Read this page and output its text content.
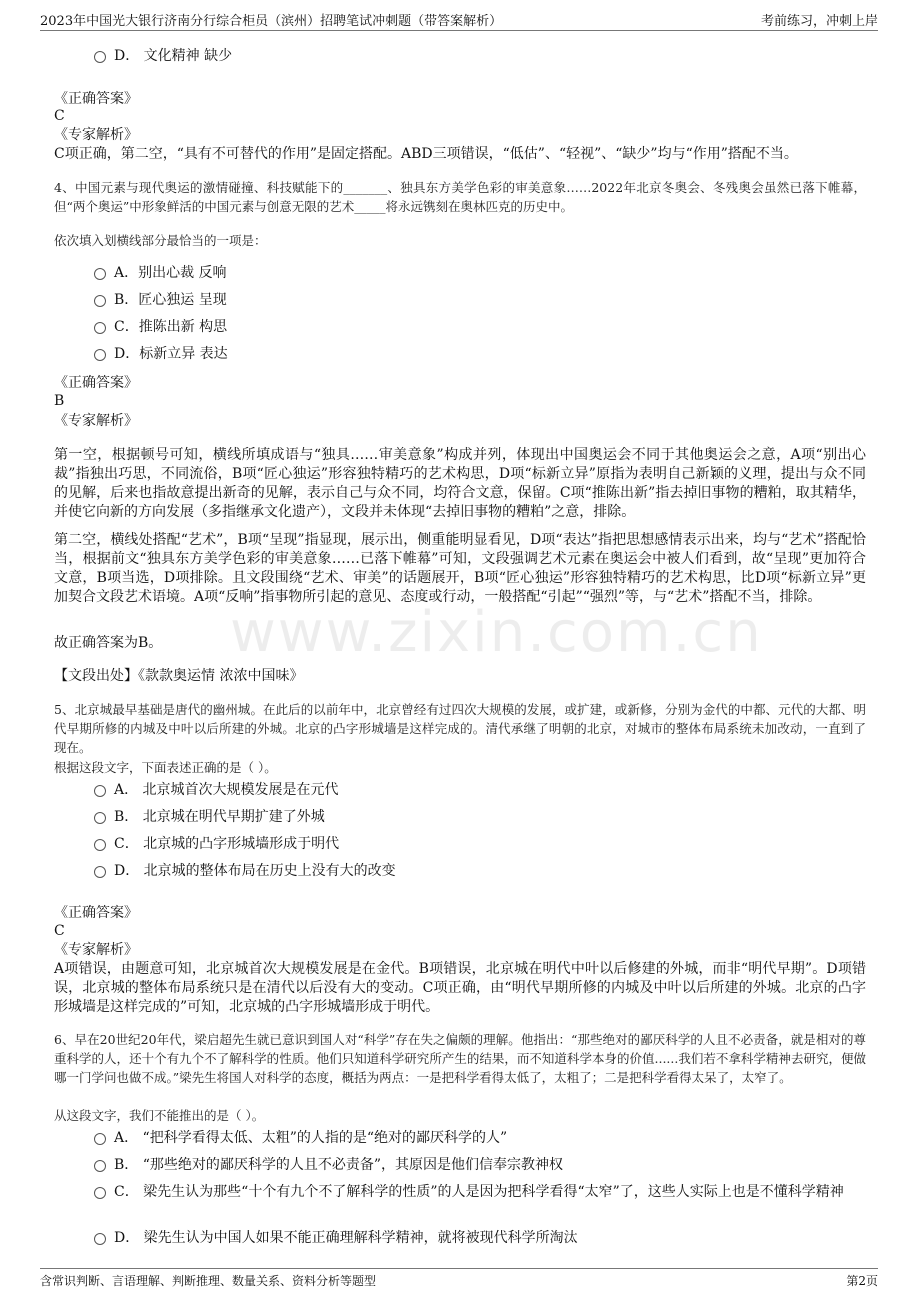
2023年中国光大银行济南分行综合柜员（滨州）招聘笔试冲刺题（带答案解析）	考前练习，冲刺上岸
www.zixin.com.cn
D． 文化精神 缺少
《正确答案》
C
《专家解析》
C项正确，第二空，“具有不可替代的作用”是固定搭配。ABD三项错误，“低估”、“轻视”、“缺少”均与“作用”搭配不当。
4、中国元素与现代奥运的激情碰撞、科技赋能下的_______、独具东方美学色彩的审美意象……2022年北京冬奥会、冬残奥会虽然已落下帷幕，但“两个奥运”中形象鲜活的中国元素与创意无限的艺术_____将永远镌刻在奥林匹克的历史中。
依次填入划横线部分最恰当的一项是：
A．别出心裁 反响
B．匠心独运 呈现
C．推陈出新 构思
D．标新立异 表达
《正确答案》
B
《专家解析》
第一空，根据顿号可知，横线所填成语与“独具……审美意象”构成并列，体现出中国奥运会不同于其他奥运会之意，A项“别出心裁”指独出巧思，不同流俗，B项“匠心独运”形容独特精巧的艺术构思，D项“标新立异”原指为表明自己新颖的义理，提出与众不同的见解，后来也指故意提出新奇的见解，表示自己与众不同，均符合文意，保留。C项“推陈出新”指去掉旧事物的糟粕，取其精华，并使它向新的方向发展（多指继承文化遗产），文段并未体现“去掉旧事物的糟粕”之意，排除。
第二空，横线处搭配“艺术”，B项“呈现”指显现，展示出，侧重能明显看见，D项“表达”指把思想感情表示出来，均与“艺术”搭配恰当，根据前文“独具东方美学色彩的审美意象……已落下帷幕”可知，文段强调艺术元素在奥运会中被人们看到，故“呈现”更加符合文意，B项当选，D项排除。且文段围绕“艺术、审美”的话题展开，B项“匠心独运”形容独特精巧的艺术构思，比D项“标新立异”更加契合文段艺术语境。A项“反响”指事物所引起的意见、态度或行动，一般搭配“引起”“强烈”等，与“艺术”搭配不当，排除。
故正确答案为B。
【文段出处】《款款奥运情 浓浓中国味》
5、北京城最早基础是唐代的幽州城。在此后的以前年中，北京曾经有过四次大规模的发展，或扩建，或新修，分别为金代的中都、元代的大都、明代早期所修的内城及中叶以后所建的外城。北京的凸字形城墙是这样完成的。清代承继了明朝的北京，对城市的整体布局系统未加改动，一直到了现在。
根据这段文字，下面表述正确的是（ ）。
A． 北京城首次大规模发展是在元代
B． 北京城在明代早期扩建了外城
C． 北京城的凸字形城墙形成于明代
D． 北京城的整体布局在历史上没有大的改变
《正确答案》
C
《专家解析》
A项错误，由题意可知，北京城首次大规模发展是在金代。B项错误，北京城在明代中叶以后修建的外城，而非“明代早期”。D项错误，北京城的整体布局系统只是在清代以后没有大的变动。C项正确，由“明代早期所修的内城及中叶以后所建的外城。北京的凸字形城墙是这样完成的”可知，北京城的凸字形城墙形成于明代。
6、早在20世纪20年代，梁启超先生就已意识到国人对“科学”存在失之偏颇的理解。他指出：“那些绝对的鄙厌科学的人且不必责备，就是相对的尊重科学的人，还十个有九个不了解科学的性质。他们只知道科学研究所产生的结果，而不知道科学本身的价值......我们若不拿科学精神去研究，便做哪一门学问也做不成。”梁先生将国人对科学的态度，概括为两点：一是把科学看得太低了，太粗了；二是把科学看得太呆了，太窄了。
从这段文字，我们不能推出的是（ ）。
A． “把科学看得太低、太粗”的人指的是“绝对的鄙厌科学的人”
B． “那些绝对的鄙厌科学的人且不必责备”，其原因是他们信奉宗教神权
C． 梁先生认为那些“十个有九个不了解科学的性质”的人是因为把科学看得“太窄”了，这些人实际上也是不懂科学精神
D． 梁先生认为中国人如果不能正确理解科学精神，就将被现代科学所淘汰
含常识判断、言语理解、判断推理、数量关系、资料分析等题型	第2页
